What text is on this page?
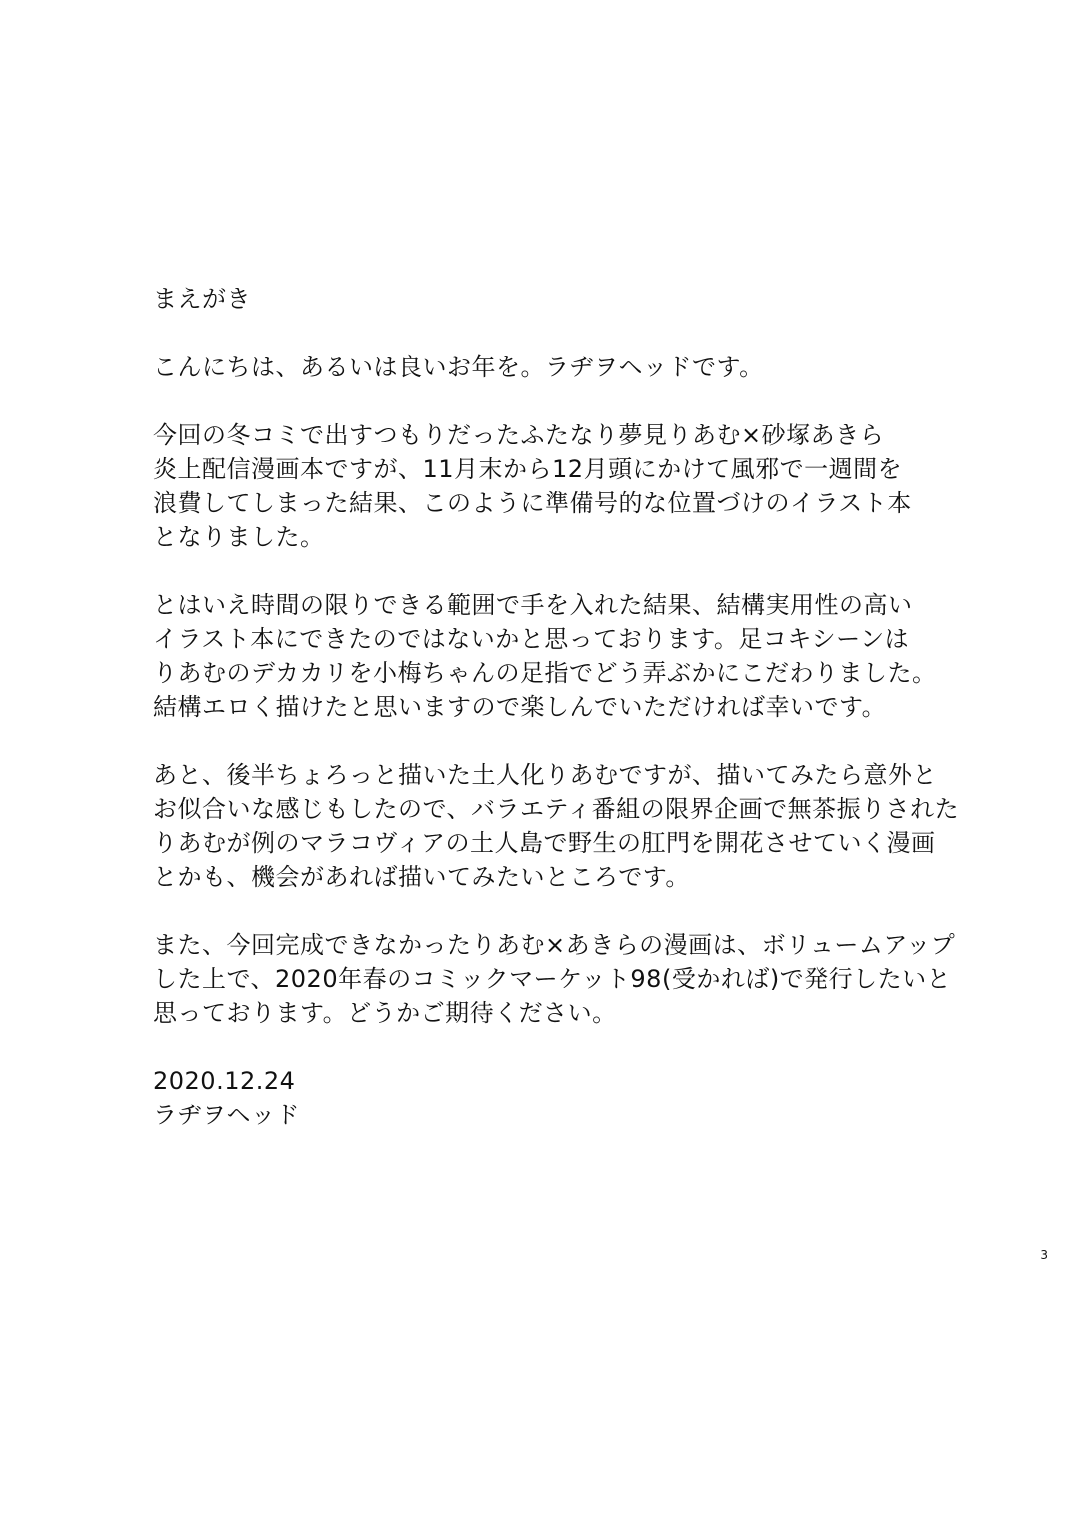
まえがき

こんにちは、あるいは良いお年を。ラヂヲヘッドです。

今回の冬コミで出すつもりだったふたなり夢見りあむ×砂塚あきら
炎上配信漫画本ですが、11月末から12月頭にかけて風邪で一週間を
浪費してしまった結果、このように準備号的な位置づけのイラスト本
となりました。

とはいえ時間の限りできる範囲で手を入れた結果、結構実用性の高い
イラスト本にできたのではないかと思っております。足コキシーンは
りあむのデカカリを小梅ちゃんの足指でどう弄ぶかにこだわりました。
結構エロく描けたと思いますので楽しんでいただければ幸いです。

あと、後半ちょろっと描いた土人化りあむですが、描いてみたら意外と
お似合いな感じもしたので、バラエティ番組の限界企画で無茶振りされた
りあむが例のマラコヴィアの土人島で野生の肛門を開花させていく漫画
とかも、機会があれば描いてみたいところです。

また、今回完成できなかったりあむ×あきらの漫画は、ボリュームアップ
した上で、2020年春のコミックマーケット98(受かれば)で発行したいと
思っております。どうかご期待ください。

2020.12.24
ラヂヲヘッド

3
